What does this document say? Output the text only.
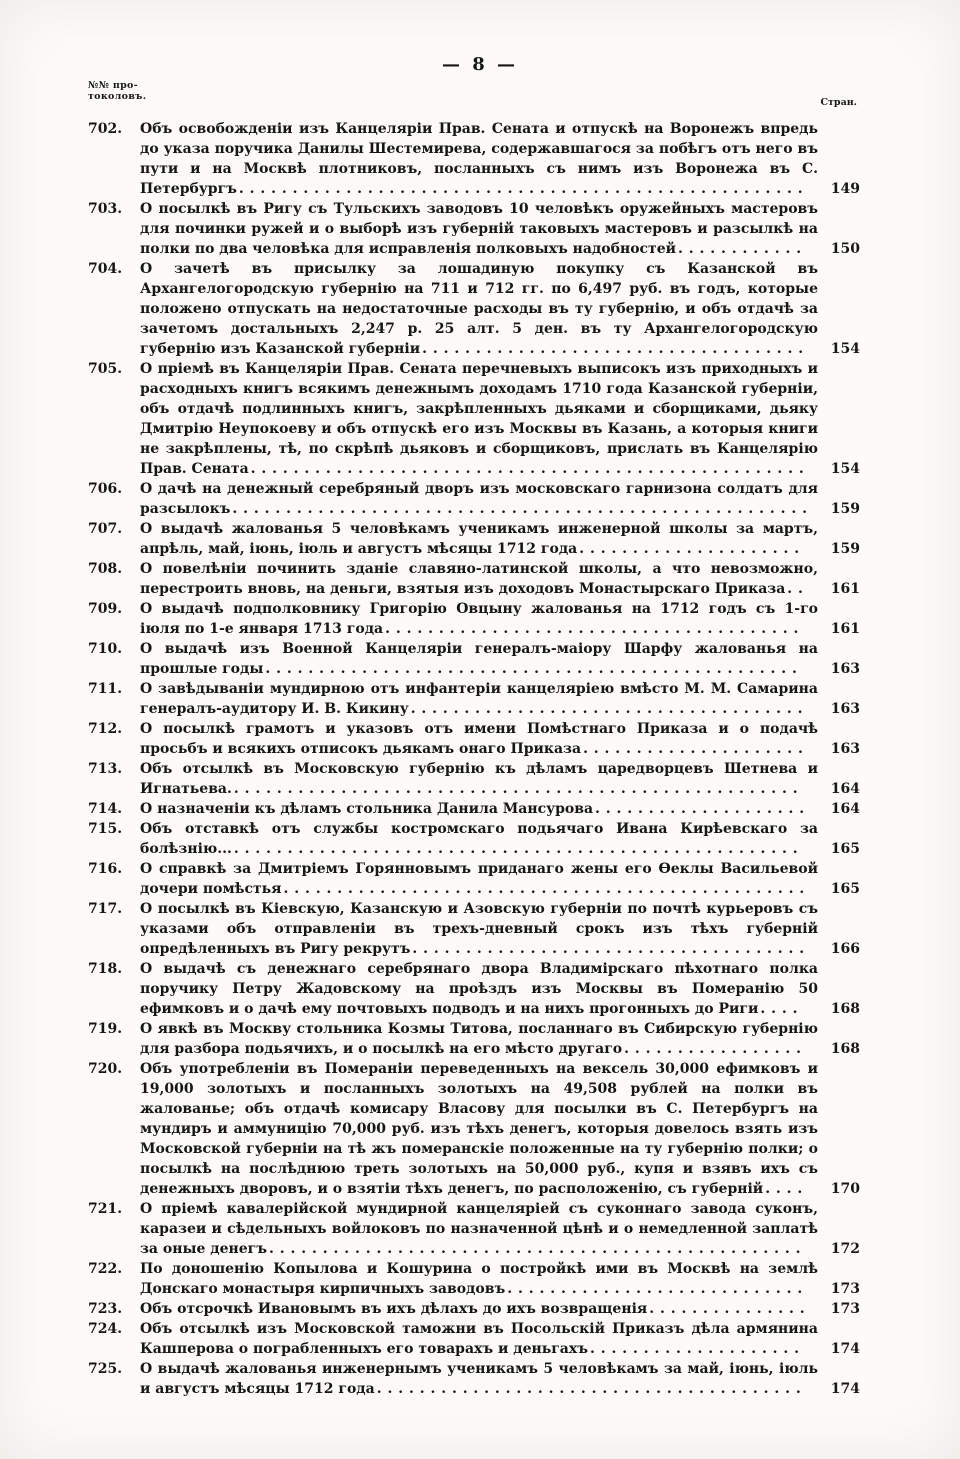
— 8 —
№№ про-
токоловъ.
Стран.
702.	Объ освобожденіи изъ Канцеляріи Прав. Сената и отпускѣ на Воронежъ впредь до указа поручика Данилы Шестемирева, содержавшагося за побѣгъ отъ него въ пути и на Москвѣ плотниковъ, посланныхъ съ нимъ изъ Воронежа въ С. Петербургъ . . . . . . . . . . . . . . . . . . . . . . . . . . . . . . . . . . . . . . . . . . . . . . . . . . . . .	149
703.	О посылкѣ въ Ригу съ Тульскихъ заводовъ 10 человѣкъ оружейныхъ мастеровъ для починки ружей и о выборѣ изъ губерній таковыхъ мастеровъ и разсылкѣ на полки по два человѣка для исправленія полковыхъ надобностей . . . . . . . . . . . .	150
704.	О зачетѣ въ присылку за лошадиную покупку съ Казанской въ Архангелогородскую губернію на 711 и 712 гг. по 6,497 руб. въ годъ, которые положено отпускать на недостаточные расходы въ ту губернію, и объ отдачѣ за зачетомъ достальныхъ 2,247 р. 25 алт. 5 ден. въ ту Архангелогородскую губернію изъ Казанской губерніи . . . . . . . . . . . . . . . . . . . . . . . . . . . . . . . . . . . .	154
705.	О пріемѣ въ Канцеляріи Прав. Сената перечневыхъ выписокъ изъ приходныхъ и расходныхъ книгъ всякимъ денежнымъ доходамъ 1710 года Казанской губерніи, объ отдачѣ подлинныхъ книгъ, закрѣпленныхъ дьяками и сборщиками, дьяку Дмитрію Неупокоеву и объ отпускѣ его изъ Москвы въ Казань, а которыя книги не закрѣплены, тѣ, по скрѣпѣ дьяковъ и сборщиковъ, прислать въ Канцелярію Прав. Сената . . . . . . . . . . . . . . . . . . . . . . . . . . . . . . . . . . . . . . . . . . . . . . . . . . . .	154
706.	О дачѣ на денежный серебряный дворъ изъ московскаго гарнизона солдатъ для разсылокъ . . . . . . . . . . . . . . . . . . . . . . . . . . . . . . . . . . . . . . . . . . . . . . . . . . . . . .	159
707.	О выдачѣ жалованья 5 человѣкамъ ученикамъ инженерной школы за мартъ, апрѣль, май, іюнь, іюль и августъ мѣсяцы 1712 года . . . . . . . . . . . . . . . . . . . . .	159
708.	О повелѣніи починить зданіе славяно-латинской школы, а что невозможно, перестроить вновь, на деньги, взятыя изъ доходовъ Монастырскаго Приказа . .	161
709.	О выдачѣ подполковнику Григорію Овцыну жалованья на 1712 годъ съ 1-го іюля по 1-е января 1713 года . . . . . . . . . . . . . . . . . . . . . . . . . . . . . . . . . . . . . . .	161
710.	О выдачѣ изъ Военной Канцеляріи генералъ-маіору Шарфу жалованья на прошлые годы . . . . . . . . . . . . . . . . . . . . . . . . . . . . . . . . . . . . . . . . . . . . . . . . . .	163
711.	О завѣдываніи мундирною отъ инфантеріи канцеляріею вмѣсто М. М. Самарина генералъ-аудитору И. В. Кикину . . . . . . . . . . . . . . . . . . . . . . . . . . . . . . . . . . . . .	163
712.	О посылкѣ грамотъ и указовъ отъ имени Помѣстнаго Приказа и о подачѣ просьбъ и всякихъ отписокъ дьякамъ онаго Приказа . . . . . . . . . . . . . . . . . . . . .	163
713.	Объ отсылкѣ въ Московскую губернію къ дѣламъ царедворцевъ Шетнева и Игнатьева. . . . . . . . . . . . . . . . . . . . . . . . . . . . . . . . . . . . . . . . . . . . . . . . . . . . . .	164
714.	О назначеніи къ дѣламъ стольника Данила Мансурова . . . . . . . . . . . . . . . . . . . .	164
715.	Объ отставкѣ отъ службы костромскаго подьячаго Ивана Кирѣевскаго за болѣзнію... . . . . . . . . . . . . . . . . . . . . . . . . . . . . . . . . . . . . . . . . . . . . . . . . . . . . .	165
716.	О справкѣ за Дмитріемъ Горянновымъ приданаго жены его Ѳеклы Васильевой дочери помѣстья . . . . . . . . . . . . . . . . . . . . . . . . . . . . . . . . . . . . . . . . . . . . . . . . .	165
717.	О посылкѣ въ Кіевскую, Казанскую и Азовскую губерніи по почтѣ курьеровъ съ указами объ отправленіи въ трехъ-дневный срокъ изъ тѣхъ губерній опредѣленныхъ въ Ригу рекрутъ . . . . . . . . . . . . . . . . . . . . . . . . . . . . . . . . . . . . .	166
718.	О выдачѣ съ денежнаго серебрянаго двора Владимірскаго пѣхотнаго полка поручику Петру Жадовскому на проѣздъ изъ Москвы въ Померанію 50 ефимковъ и о дачѣ ему почтовыхъ подводъ и на нихъ прогонныхъ до Риги . . . .	168
719.	О явкѣ въ Москву стольника Козмы Титова, посланнаго въ Сибирскую губернію для разбора подьячихъ, и о посылкѣ на его мѣсто другаго . . . . . . . . . . . . . . . . .	168
720.	Объ употребленіи въ Помераніи переведенныхъ на вексель 30,000 ефимковъ и 19,000 золотыхъ и посланныхъ золотыхъ на 49,508 рублей на полки въ жалованье; объ отдачѣ комисару Власову для посылки въ С. Петербургъ на мундиръ и аммуницію 70,000 руб. изъ тѣхъ денегъ, которыя довелось взять изъ Московской губерніи на тѣ жъ померанскіе положенные на ту губернію полки; о посылкѣ на послѣднюю треть золотыхъ на 50,000 руб., купя и взявъ ихъ съ денежныхъ дворовъ, и о взятіи тѣхъ денегъ, по расположенію, съ губерній . . . .	170
721.	О пріемѣ кавалерійской мундирной канцеляріей съ суконнаго завода суконъ, каразеи и сѣдельныхъ войлоковъ по назначенной цѣнѣ и о немедленной заплатѣ за оные денегъ . . . . . . . . . . . . . . . . . . . . . . . . . . . . . . . . . . . . . . . . . . . . . . . . . .	172
722.	По доношенію Копылова и Кошурина о постройкѣ ими въ Москвѣ на землѣ Донскаго монастыря кирпичныхъ заводовъ . . . . . . . . . . . . . . . . . . . . . . . . . . . .	173
723.	Объ отсрочкѣ Ивановымъ въ ихъ дѣлахъ до ихъ возвращенія . . . . . . . . . . . . . . .	173
724.	Объ отсылкѣ изъ Московской таможни въ Посольскій Приказъ дѣла армянина Кашперова о пограбленныхъ его товарахъ и деньгахъ . . . . . . . . . . . . . . . . . . . .	174
725.	О выдачѣ жалованья инженернымъ ученикамъ 5 человѣкамъ за май, іюнь, іюль и августъ мѣсяцы 1712 года . . . . . . . . . . . . . . . . . . . . . . . . . . . . . . . . . . . . . . . .	174
